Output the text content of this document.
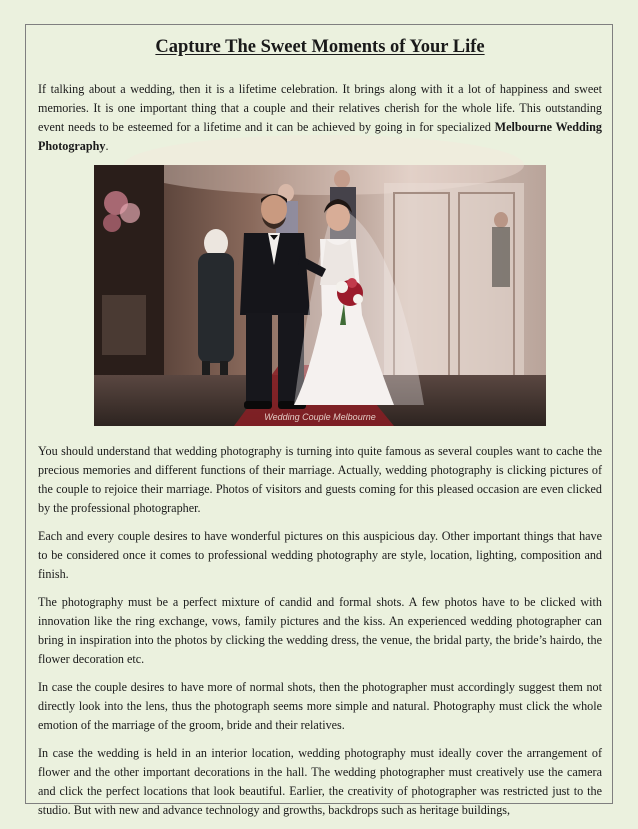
Capture The Sweet Moments of Your Life

If talking about a wedding, then it is a lifetime celebration. It brings along with it a lot of happiness and sweet memories. It is one important thing that a couple and their relatives cherish for the whole life. This outstanding event needs to be esteemed for a lifetime and it can be achieved by going in for specialized Melbourne Wedding Photography.

Wedding Couple Melbourne

You should understand that wedding photography is turning into quite famous as several couples want to cache the precious memories and different functions of their marriage. Actually, wedding photography is clicking pictures of the couple to rejoice their marriage. Photos of visitors and guests coming for this pleased occasion are even clicked by the professional photographer.

Each and every couple desires to have wonderful pictures on this auspicious day. Other important things that have to be considered once it comes to professional wedding photography are style, location, lighting, composition and finish.

The photography must be a perfect mixture of candid and formal shots. A few photos have to be clicked with innovation like the ring exchange, vows, family pictures and the kiss. An experienced wedding photographer can bring in inspiration into the photos by clicking the wedding dress, the venue, the bridal party, the bride’s hairdo, the flower decoration etc.

In case the couple desires to have more of normal shots, then the photographer must accordingly suggest them not directly look into the lens, thus the photograph seems more simple and natural. Photography must click the whole emotion of the marriage of the groom, bride and their relatives.

In case the wedding is held in an interior location, wedding photography must ideally cover the arrangement of flower and the other important decorations in the hall. The wedding photographer must creatively use the camera and click the perfect locations that look beautiful. Earlier, the creativity of photographer was restricted just to the studio. But with new and advance technology and growths, backdrops such as heritage buildings,
